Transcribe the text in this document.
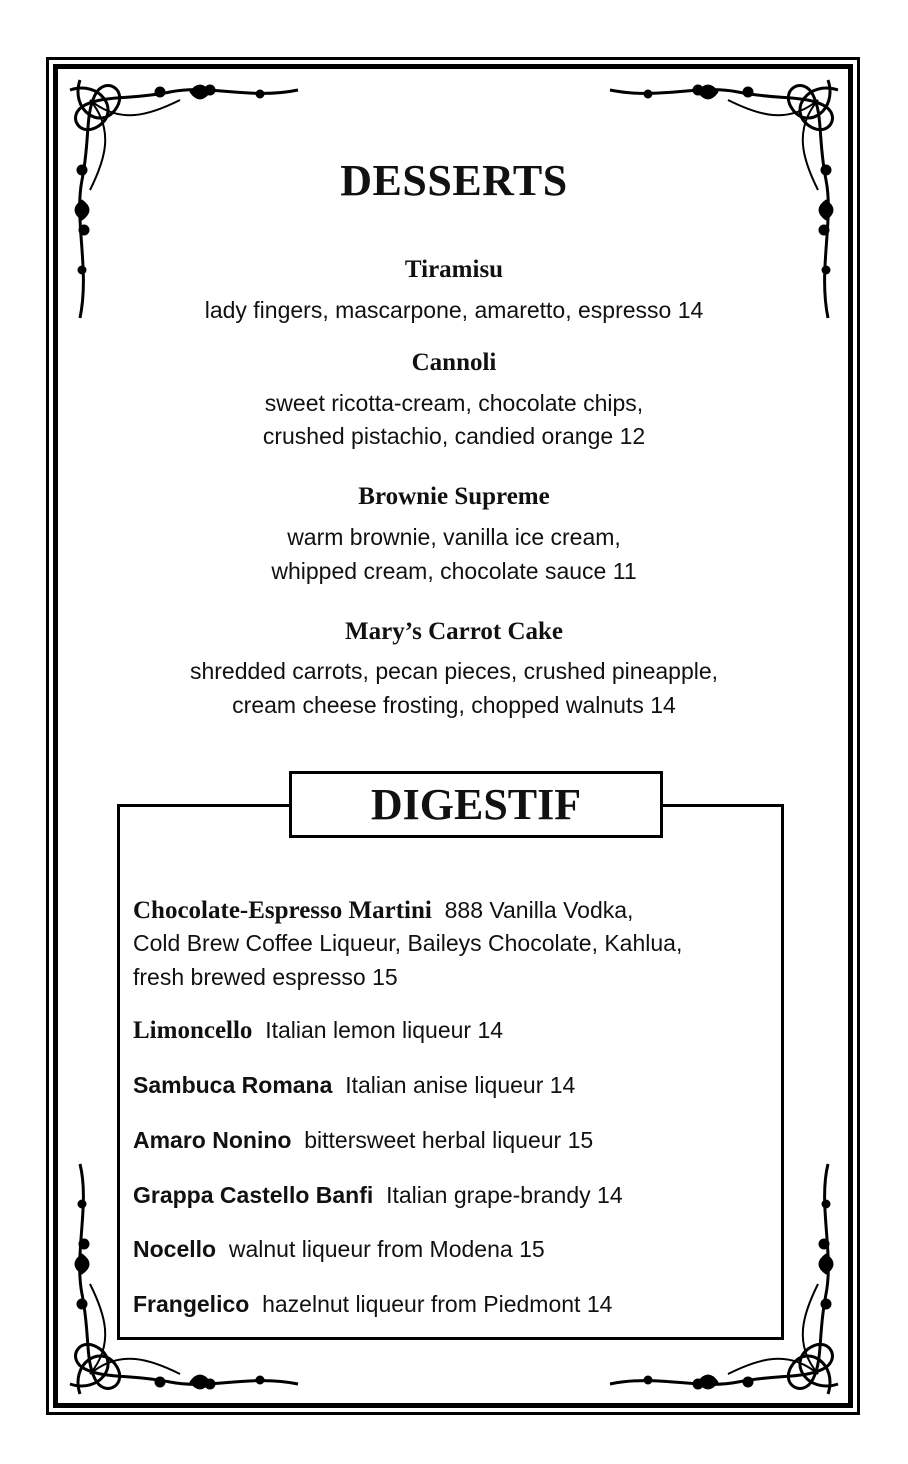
DESSERTS
Tiramisu
lady fingers, mascarpone, amaretto, espresso 14
Cannoli
sweet ricotta-cream, chocolate chips,
crushed pistachio, candied orange 12
Brownie Supreme
warm brownie, vanilla ice cream,
whipped cream, chocolate sauce 11
Mary’s Carrot Cake
shredded carrots, pecan pieces, crushed pineapple,
cream cheese frosting, chopped walnuts 14
DIGESTIF
Chocolate-Espresso Martini 888 Vanilla Vodka,
Cold Brew Coffee Liqueur, Baileys Chocolate, Kahlua,
fresh brewed espresso 15
Limoncello Italian lemon liqueur 14
Sambuca Romana Italian anise liqueur 14
Amaro Nonino bittersweet herbal liqueur 15
Grappa Castello Banfi Italian grape-brandy 14
Nocello walnut liqueur from Modena 15
Frangelico hazelnut liqueur from Piedmont 14
